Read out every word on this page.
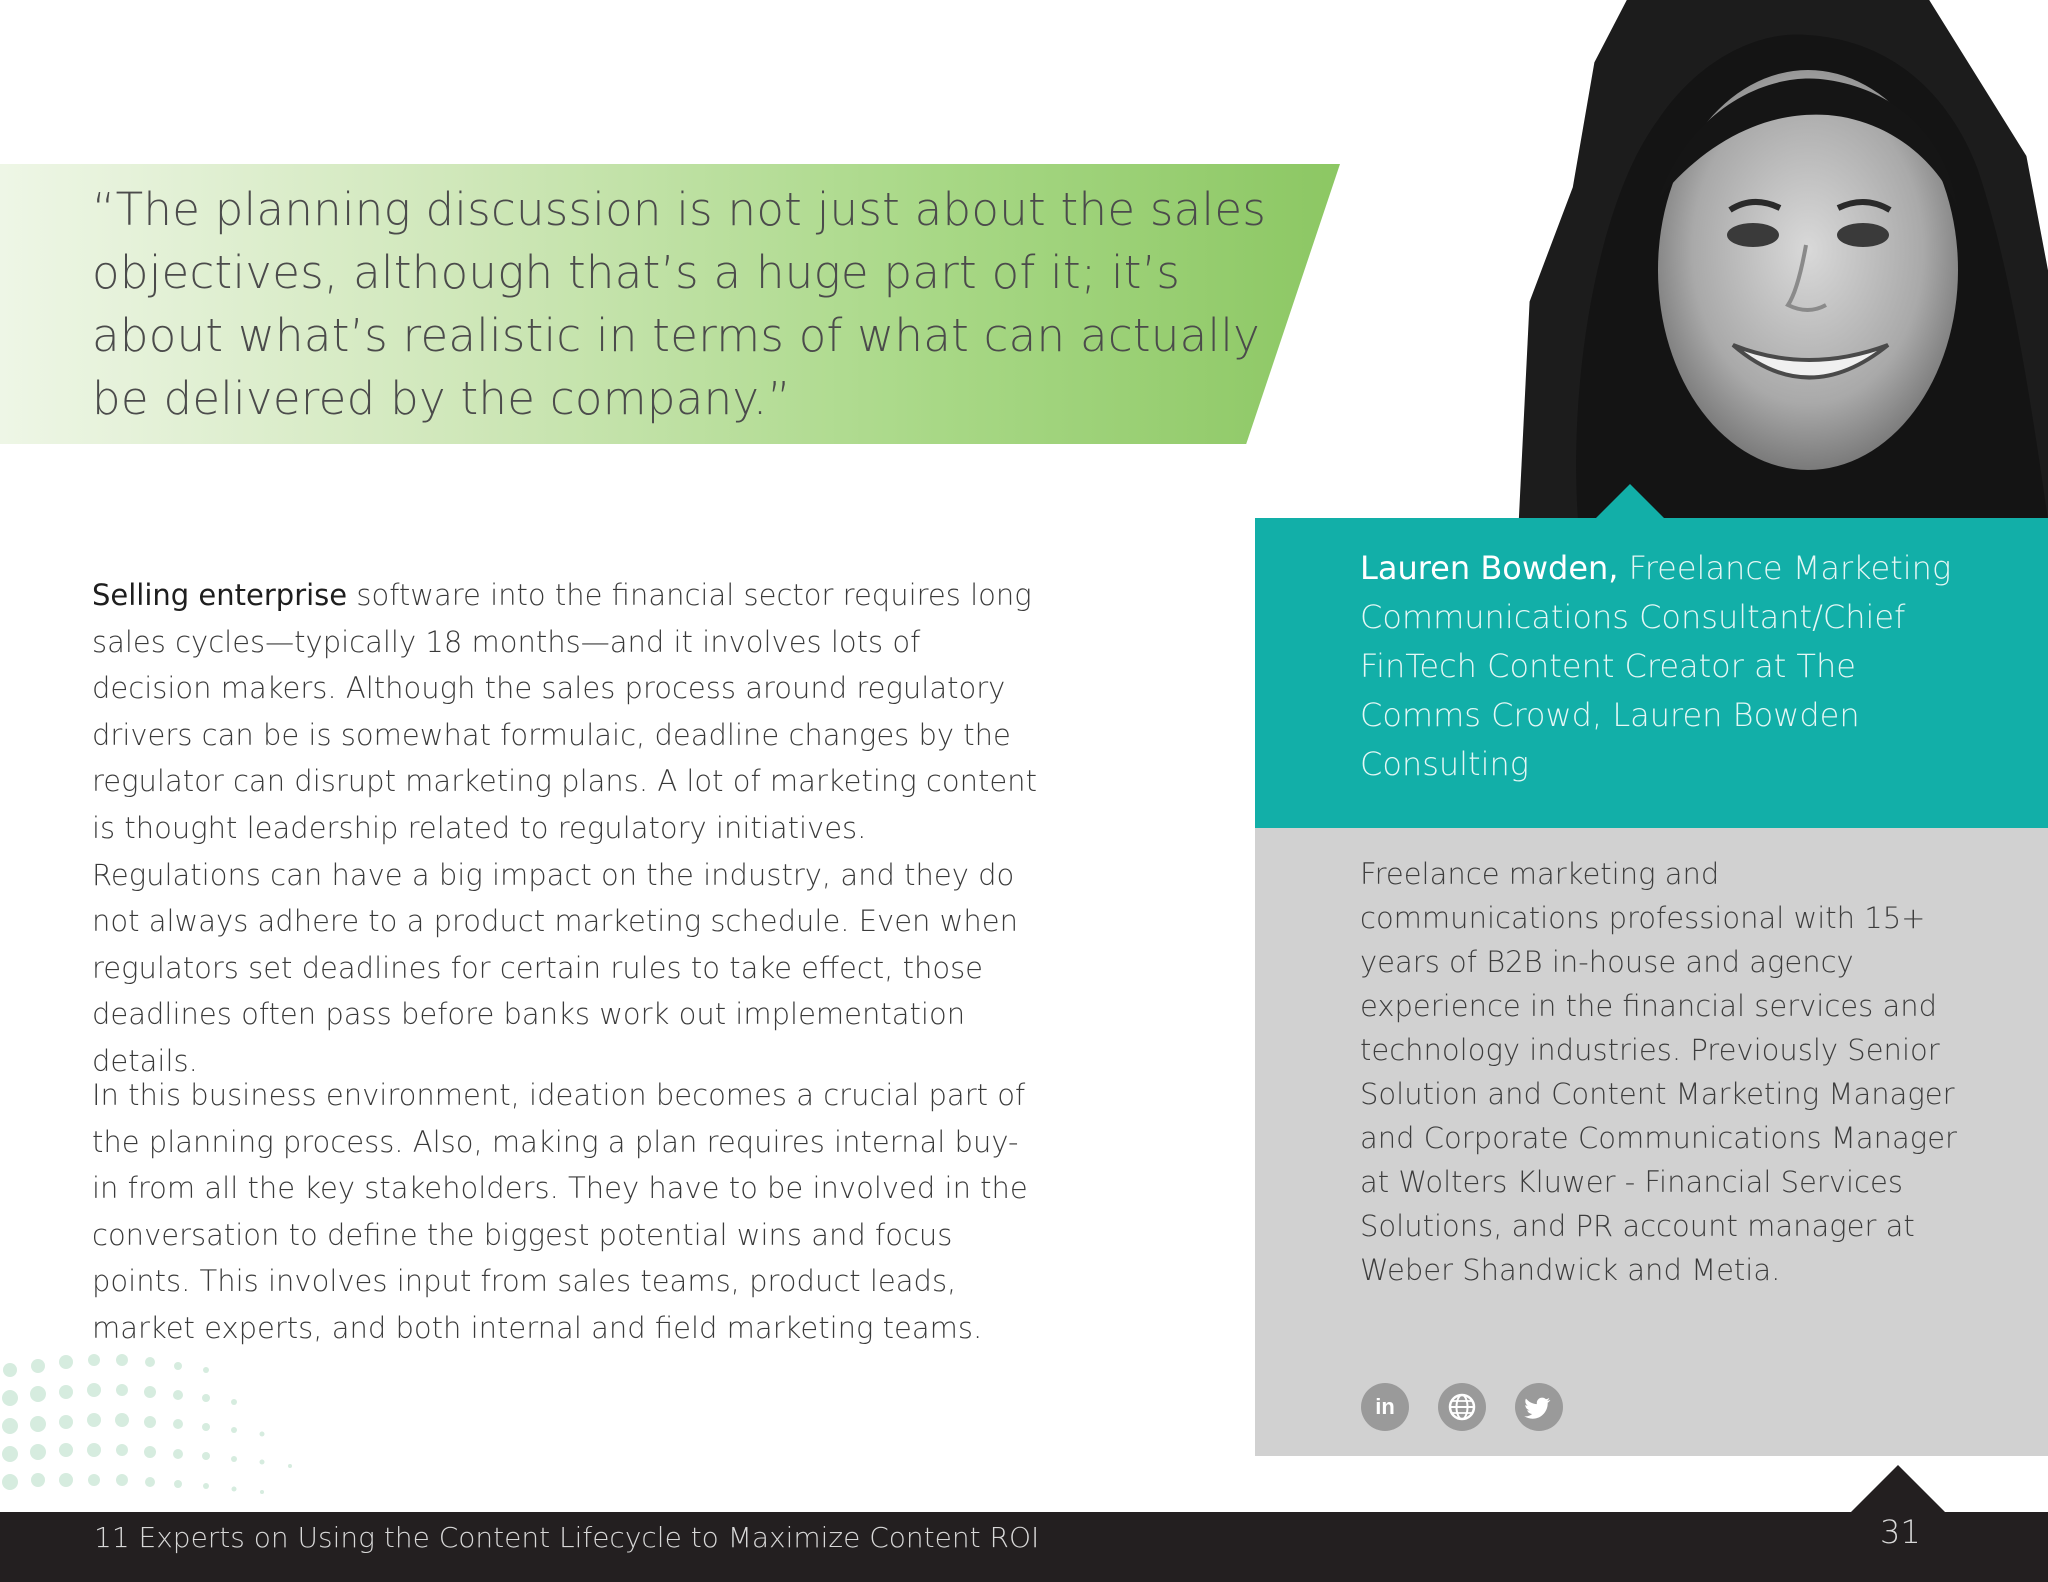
“The planning discussion is not just about the sales objectives, although that’s a huge part of it; it’s about what’s realistic in terms of what can actually be delivered by the company.”

Lauren Bowden, Freelance Marketing Communications Consultant/Chief FinTech Content Creator at The Comms Crowd, Lauren Bowden Consulting

Freelance marketing and communications professional with 15+ years of B2B in-house and agency experience in the financial services and technology industries. Previously Senior Solution and Content Marketing Manager and Corporate Communications Manager at Wolters Kluwer - Financial Services Solutions, and PR account manager at Weber Shandwick and Metia.

in

Selling enterprise software into the financial sector requires long sales cycles—typically 18 months—and it involves lots of decision makers. Although the sales process around regulatory drivers can be is somewhat formulaic, deadline changes by the regulator can disrupt marketing plans. A lot of marketing content is thought leadership related to regulatory initiatives. Regulations can have a big impact on the industry, and they do not always adhere to a product marketing schedule. Even when regulators set deadlines for certain rules to take effect, those deadlines often pass before banks work out implementation details.

In this business environment, ideation becomes a crucial part of the planning process. Also, making a plan requires internal buy-in from all the key stakeholders. They have to be involved in the conversation to define the biggest potential wins and focus points. This involves input from sales teams, product leads, market experts, and both internal and field marketing teams.

11 Experts on Using the Content Lifecycle to Maximize Content ROI	31
